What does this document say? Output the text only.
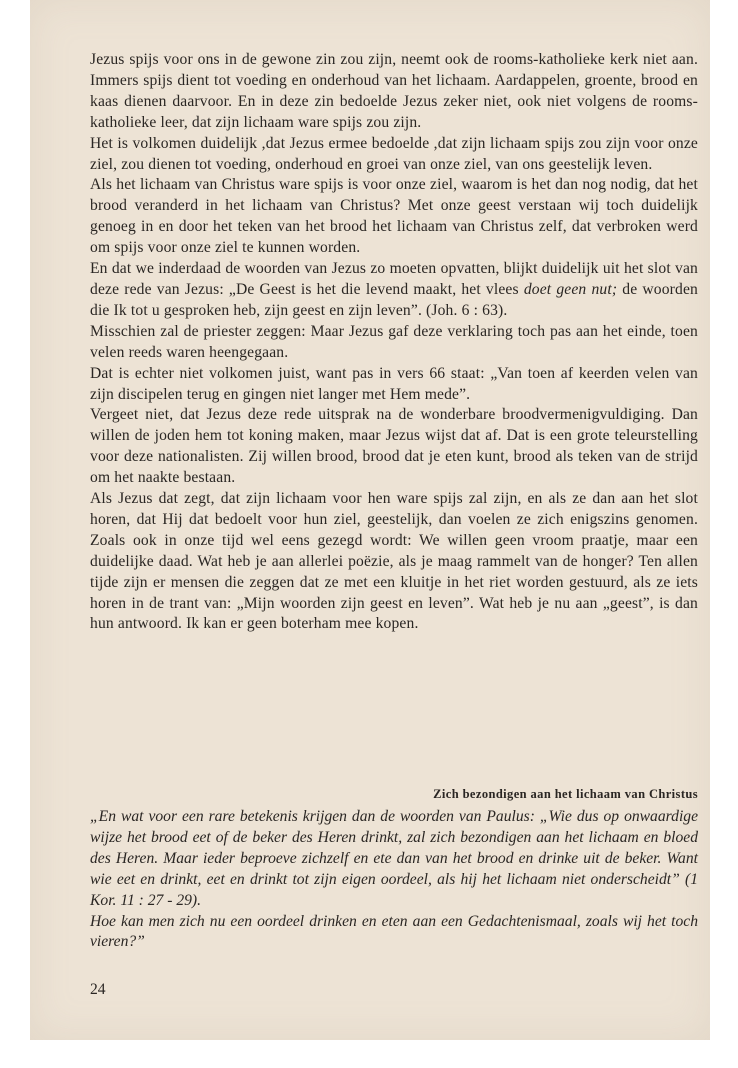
Jezus spijs voor ons in de gewone zin zou zijn, neemt ook de rooms-katholieke kerk niet aan. Immers spijs dient tot voeding en onderhoud van het lichaam. Aardappelen, groente, brood en kaas dienen daarvoor. En in deze zin bedoelde Jezus zeker niet, ook niet volgens de rooms-katholieke leer, dat zijn lichaam ware spijs zou zijn.

Het is volkomen duidelijk ,dat Jezus ermee bedoelde ,dat zijn lichaam spijs zou zijn voor onze ziel, zou dienen tot voeding, onderhoud en groei van onze ziel, van ons geestelijk leven.

Als het lichaam van Christus ware spijs is voor onze ziel, waarom is het dan nog nodig, dat het brood veranderd in het lichaam van Christus? Met onze geest verstaan wij toch duidelijk genoeg in en door het teken van het brood het lichaam van Christus zelf, dat verbroken werd om spijs voor onze ziel te kunnen worden.

En dat we inderdaad de woorden van Jezus zo moeten opvatten, blijkt duidelijk uit het slot van deze rede van Jezus: „De Geest is het die levend maakt, het vlees doet geen nut; de woorden die Ik tot u gesproken heb, zijn geest en zijn leven”. (Joh. 6 : 63).

Misschien zal de priester zeggen: Maar Jezus gaf deze verklaring toch pas aan het einde, toen velen reeds waren heengegaan.

Dat is echter niet volkomen juist, want pas in vers 66 staat: „Van toen af keerden velen van zijn discipelen terug en gingen niet langer met Hem mede”.

Vergeet niet, dat Jezus deze rede uitsprak na de wonderbare broodvermenigvuldiging. Dan willen de joden hem tot koning maken, maar Jezus wijst dat af. Dat is een grote teleurstelling voor deze nationalisten. Zij willen brood, brood dat je eten kunt, brood als teken van de strijd om het naakte bestaan.

Als Jezus dat zegt, dat zijn lichaam voor hen ware spijs zal zijn, en als ze dan aan het slot horen, dat Hij dat bedoelt voor hun ziel, geestelijk, dan voelen ze zich enigszins genomen. Zoals ook in onze tijd wel eens gezegd wordt: We willen geen vroom praatje, maar een duidelijke daad. Wat heb je aan allerlei poëzie, als je maag rammelt van de honger? Ten allen tijde zijn er mensen die zeggen dat ze met een kluitje in het riet worden gestuurd, als ze iets horen in de trant van: „Mijn woorden zijn geest en leven”. Wat heb je nu aan „geest”, is dan hun antwoord. Ik kan er geen boterham mee kopen.

Zich bezondigen aan het lichaam van Christus

„En wat voor een rare betekenis krijgen dan de woorden van Paulus: „Wie dus op onwaardige wijze het brood eet of de beker des Heren drinkt, zal zich bezondigen aan het lichaam en bloed des Heren. Maar ieder beproeve zichzelf en ete dan van het brood en drinke uit de beker. Want wie eet en drinkt, eet en drinkt tot zijn eigen oordeel, als hij het lichaam niet onderscheidt” (1 Kor. 11 : 27 - 29).

Hoe kan men zich nu een oordeel drinken en eten aan een Gedachtenismaal, zoals wij het toch vieren?”

24
